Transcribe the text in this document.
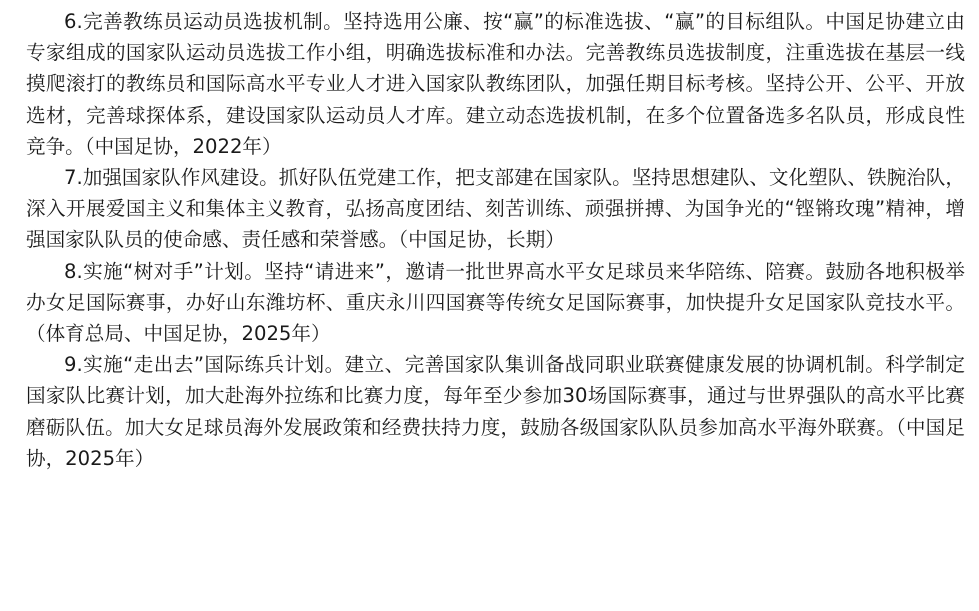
6.完善教练员运动员选拔机制。坚持选用公廉、按“赢”的标准选拔、“赢”的目标组队。中国足协建立由专家组成的国家队运动员选拔工作小组，明确选拔标准和办法。完善教练员选拔制度，注重选拔在基层一线摸爬滚打的教练员和国际高水平专业人才进入国家队教练团队，加强任期目标考核。坚持公开、公平、开放选材，完善球探体系，建设国家队运动员人才库。建立动态选拔机制，在多个位置备选多名队员，形成良性竞争。（中国足协，2022年）

7.加强国家队作风建设。抓好队伍党建工作，把支部建在国家队。坚持思想建队、文化塑队、铁腕治队，深入开展爱国主义和集体主义教育，弘扬高度团结、刻苦训练、顽强拼搏、为国争光的“铿锵玫瑰”精神，增强国家队队员的使命感、责任感和荣誉感。（中国足协，长期）

8.实施“树对手”计划。坚持“请进来”，邀请一批世界高水平女足球员来华陪练、陪赛。鼓励各地积极举办女足国际赛事，办好山东潍坊杯、重庆永川四国赛等传统女足国际赛事，加快提升女足国家队竞技水平。（体育总局、中国足协，2025年）

9.实施“走出去”国际练兵计划。建立、完善国家队集训备战同职业联赛健康发展的协调机制。科学制定国家队比赛计划，加大赴海外拉练和比赛力度，每年至少参加30场国际赛事，通过与世界强队的高水平比赛磨砺队伍。加大女足球员海外发展政策和经费扶持力度，鼓励各级国家队队员参加高水平海外联赛。（中国足协，2025年）
